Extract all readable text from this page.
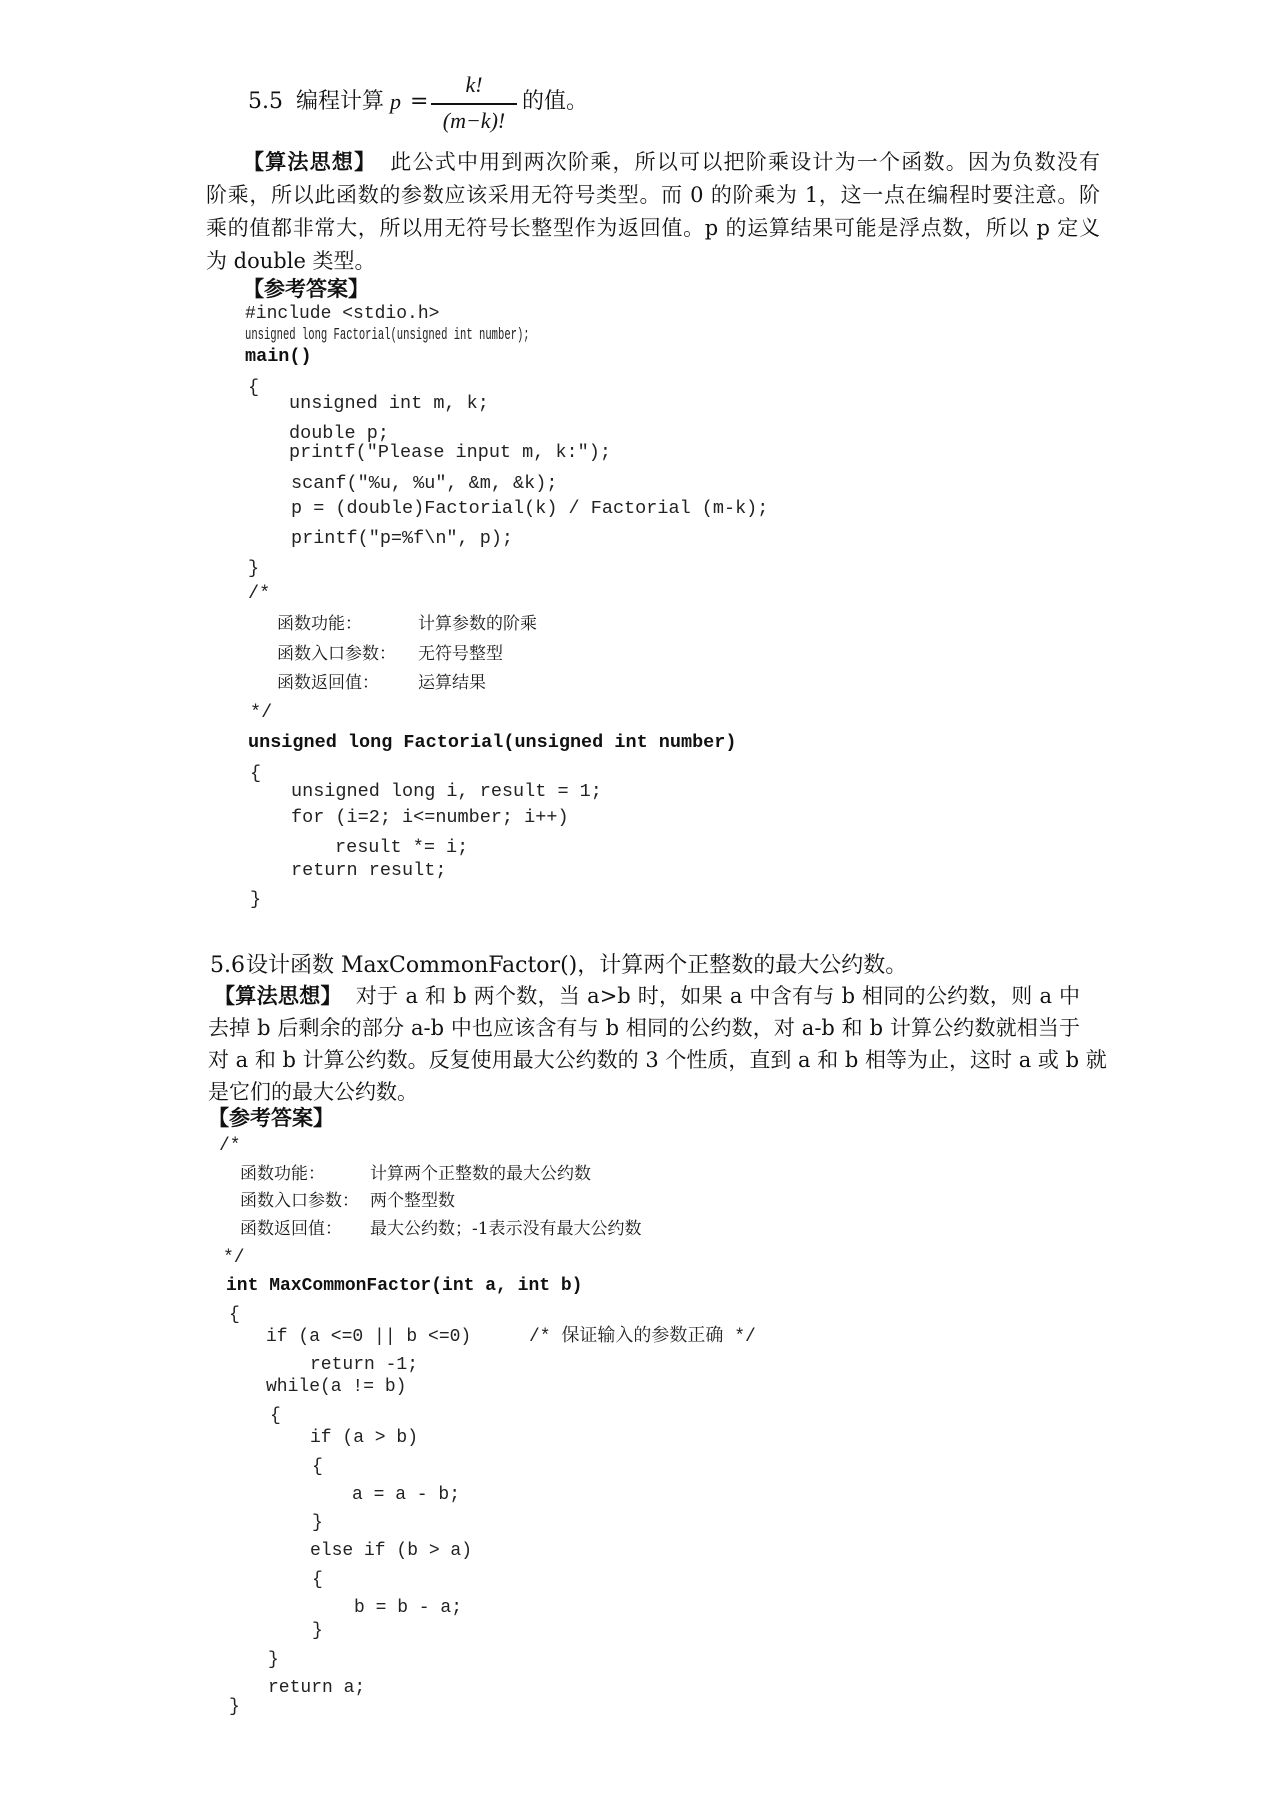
5.5 编程计算 p =
k!
(m−k)!
的值。
【算法思想】 此公式中用到两次阶乘，所以可以把阶乘设计为一个函数。因为负数没有
阶乘，所以此函数的参数应该采用无符号类型。而 0 的阶乘为 1，这一点在编程时要注意。阶
乘的值都非常大，所以用无符号长整型作为返回值。p 的运算结果可能是浮点数，所以 p 定义
为 double 类型。
【参考答案】
#include <stdio.h>
unsigned long Factorial(unsigned int number);
main()
{
unsigned int m, k;
double p;
printf("Please input m, k:");
scanf("%u, %u", &m, &k);
p = (double)Factorial(k) / Factorial (m-k);
printf("p=%f\n", p);
}
/*
函数功能：	计算参数的阶乘
函数入口参数： 无符号整型
函数返回值： 运算结果
*/
unsigned long Factorial(unsigned int number)
{
unsigned long i, result = 1;
for (i=2; i<=number; i++)
result *= i;
return result;
}
5.6 设计函数 MaxCommonFactor()，计算两个正整数的最大公约数。
【算法思想】 对于 a 和 b 两个数，当 a>b 时，如果 a 中含有与 b 相同的公约数，则 a 中
去掉 b 后剩余的部分 a-b 中也应该含有与 b 相同的公约数，对 a-b 和 b 计算公约数就相当于
对 a 和 b 计算公约数。反复使用最大公约数的 3 个性质，直到 a 和 b 相等为止，这时 a 或 b 就
是它们的最大公约数。
【参考答案】
/*
函数功能：	计算两个正整数的最大公约数
函数入口参数： 两个整型数
函数返回值： 最大公约数；-1表示没有最大公约数
*/
int MaxCommonFactor(int a, int b)
{
if (a <=0 || b <=0)	/* 保证输入的参数正确 */
return -1;
while(a != b)
{
if (a > b)
{
a = a - b;
}
else if (b > a)
{
b = b - a;
}
}
return a;
}
